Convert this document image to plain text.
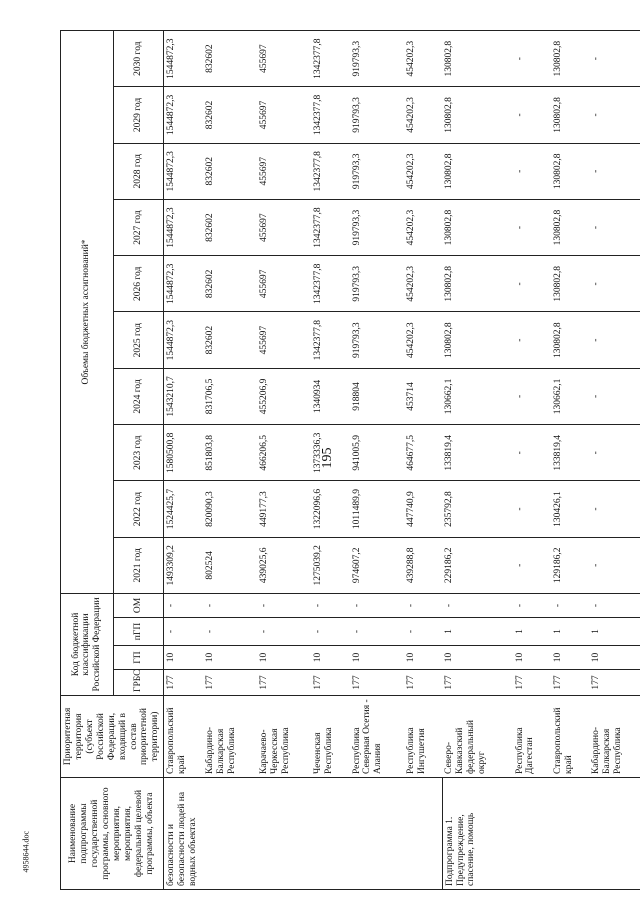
195
4958644.doc	Наименование подпрограммы государственной программы, основного мероприятия, мероприятия, федеральной целевой программы, объекта	Приоритетная территория (субъект Российской Федерации, входящий в состав приоритетной территории)	Код бюджетной классификации Российской Федерации				Объемы бюджетных ассигнований*									
		ГРБС	ГП	пГП	ОМ	2021 год	2022 год	2023 год	2024 год	2025 год	2026 год	2027 год	2028 год	2029 год	2030 год
безопасности и безопасности людей на водных объектах	Ставропольский край	177	10	-	-	1493309,2	1524425,7	1580500,8	1543210,7	1544872,3	1544872,3	1544872,3	1544872,3	1544872,3	1544872,3
	Кабардино-Балкарская Республика	177	10	-	-	802524	820090,3	851803,8	831706,5	832602	832602	832602	832602	832602	832602
	Карачаево-Черкесская Республика	177	10	-	-	439025,6	449177,3	466206,5	455206,9	455697	455697	455697	455697	455697	455697
	Чеченская Республика	177	10	-	-	1275039,2	1322096,6	1373336,3	1340934	1342377,8	1342377,8	1342377,8	1342377,8	1342377,8	1342377,8
	Республика Северная Осетия - Алания	177	10	-	-	974607,2	1011489,9	941005,9	918804	919793,3	919793,3	919793,3	919793,3	919793,3	919793,3
	Республика Ингушетия	177	10	-	-	439288,8	447740,9	464677,5	453714	454202,3	454202,3	454202,3	454202,3	454202,3	454202,3
Подпрограмма 1. Предупреждение, спасение, помощь	Северо-Кавказский федеральный округ	177	10	1	-	229186,2	235792,8	133819,4	130662,1	130802,8	130802,8	130802,8	130802,8	130802,8	130802,8
	Республика Дагестан	177	10	1	-	-	-	-	-	-	-	-	-	-	-
	Ставропольский край	177	10	1	-	129186,2	130426,1	133819,4	130662,1	130802,8	130802,8	130802,8	130802,8	130802,8	130802,8
	Кабардино-Балкарская Республика	177	10	1	-	-	-	-	-	-	-	-	-	-	-
